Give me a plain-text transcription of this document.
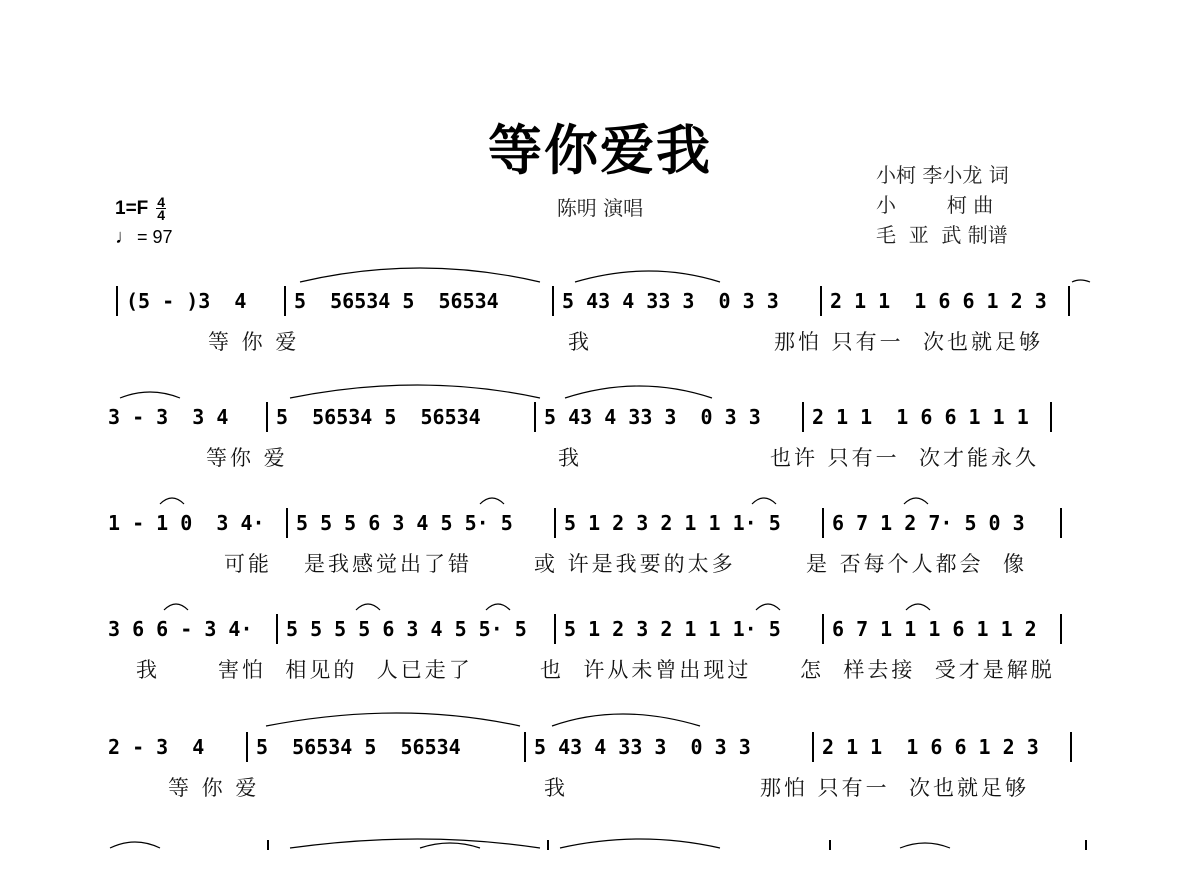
等你爱我
陈明 演唱
小柯 李小龙 词
小        柯 曲
毛  亚  武 制谱
1=F 4
4
♩ = 97
(5 - )3  4	5  56534 5  56534	5 43 4 33 3  0 3 3	2 1 1  1 6 6 1 2 3

等 你 爱

	我

	那怕 只有一  次也就足够

3 - 3  3 4	5  56534 5  56534	5 43 4 33 3  0 3 3	2 1 1  1 6 6 1 1 1

等你 爱

	我

	也许 只有一  次才能永久

1 - 1 0  3 4·	5 5 5 6 3 4 5 5· 5	5 1 2 3 2 1 1 1· 5	6 7 1 2 7· 5 0 3

可能

是我感觉出了错

	或 许是我要的太多

	是 否每个人都会  像

3 6 6 - 3 4·	5 5 5 5 6 3 4 5 5· 5	5 1 2 3 2 1 1 1· 5	6 7 1 1 1 6 1 1 2

我

	害怕  相见的  人已走了

	也  许从未曾出现过

怎  样去接  受才是解脱

2 - 3  4	5  56534 5  56534	5 43 4 33 3  0 3 3	2 1 1  1 6 6 1 2 3

等 你 爱

	我

	那怕 只有一  次也就足够
